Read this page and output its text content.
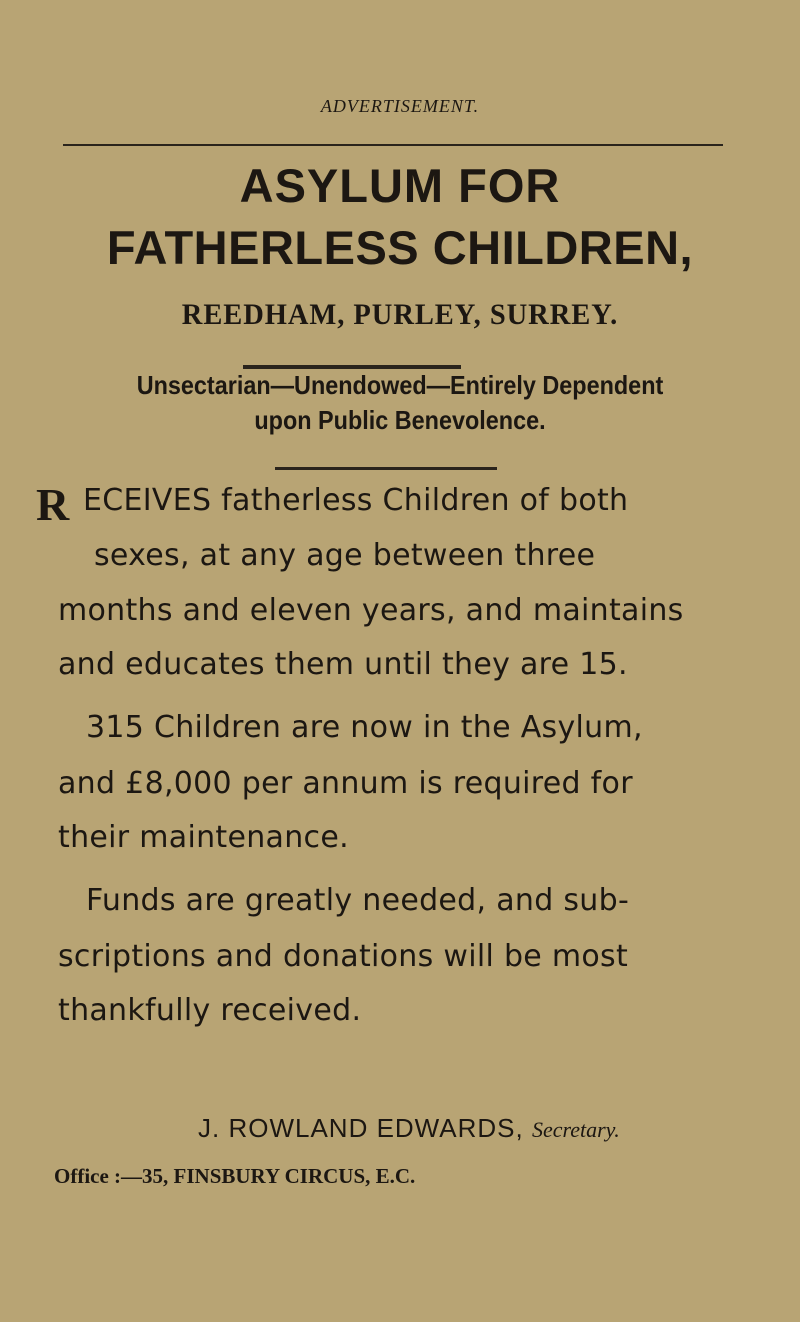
ADVERTISEMENT.
ASYLUM FOR
FATHERLESS CHILDREN,
REEDHAM, PURLEY, SURREY.
Unsectarian—Unendowed—Entirely Dependent
upon Public Benevolence.
R ECEIVES fatherless Children of both
sexes, at any age between three
months and eleven years, and maintains
and educates them until they are 15.
315 Children are now in the Asylum,
and £8,000 per annum is required for
their maintenance.
Funds are greatly needed, and sub-
scriptions and donations will be most
thankfully received.
J. ROWLAND EDWARDS, Secretary.
Office :—35, FINSBURY CIRCUS, E.C.
